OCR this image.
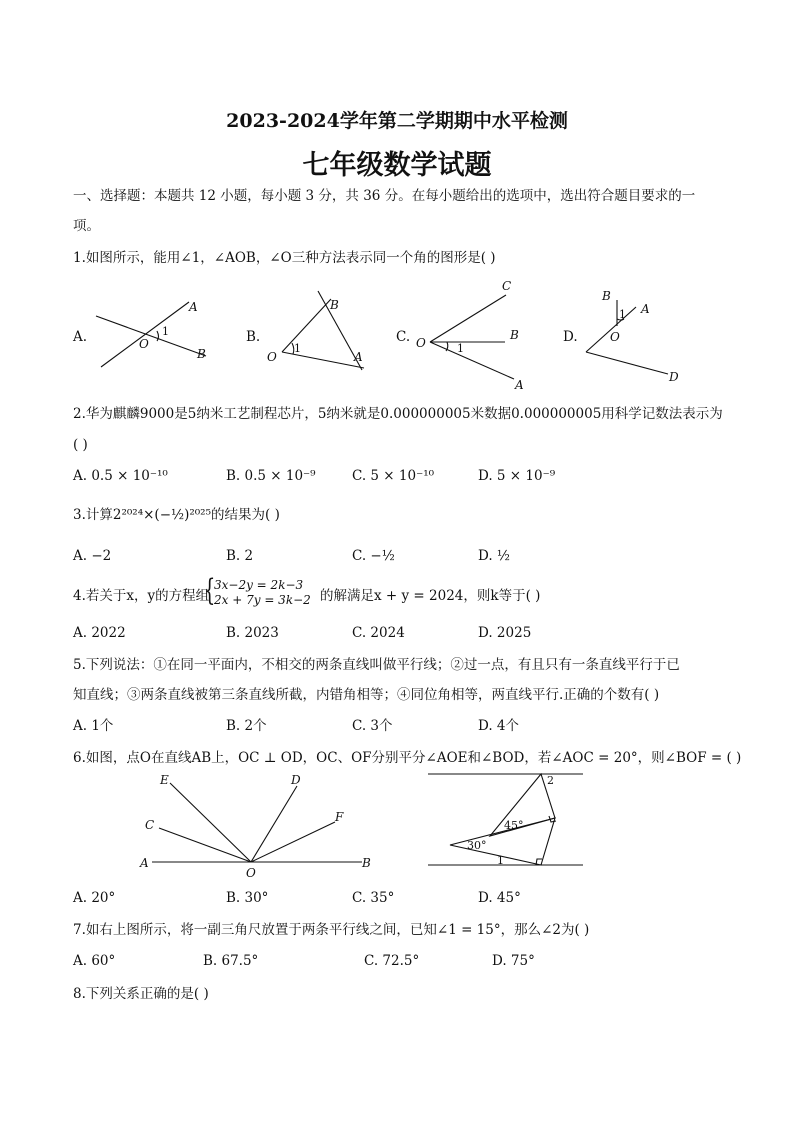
2023-2024学年第二学期期中水平检测
七年级数学试题
一、选择题：本题共 12 小题，每小题 3 分，共 36 分。在每小题给出的选项中，选出符合题目要求的一
项。
1.如图所示，能用∠1，∠AOB，∠O三种方法表示同一个角的图形是( )
A.	B.	C.	D.
A
O
1
B
B
O
1
A
C
O	1
B
A
B
1 A
O
D
2.华为麒麟9000是5纳米工艺制程芯片，5纳米就是0.000000005米数据0.000000005用科学记数法表示为
( )
A. 0.5 × 10⁻¹⁰	B. 0.5 × 10⁻⁹	C. 5 × 10⁻¹⁰	D. 5 × 10⁻⁹
3.计算2²⁰²⁴×(−½)²⁰²⁵的结果为( )
A. −2	B. 2	C. −½	D. ½
4.若关于x，y的方程组
{
3x−2y = 2k−3
2x + 7y = 3k−2 的解满足x + y = 2024，则k等于( )
A. 2022	B. 2023	C. 2024	D. 2025
5.下列说法：①在同一平面内，不相交的两条直线叫做平行线；②过一点，有且只有一条直线平行于已
知直线；③两条直线被第三条直线所截，内错角相等；④同位角相等，两直线平行.正确的个数有( )
A. 1个	B. 2个	C. 3个	D. 4个
6.如图，点O在直线AB上，OC ⊥ OD，OC、OF分别平分∠AOE和∠BOD，若∠AOC = 20°，则∠BOF = ( )
E	D
C
F
A
O
B
2
45°
30°
1
A. 20°	B. 30°	C. 35°	D. 45°
7.如右上图所示，将一副三角尺放置于两条平行线之间，已知∠1 = 15°，那么∠2为( )
A. 60°	B. 67.5°	C. 72.5°	D. 75°
8.下列关系正确的是( )
